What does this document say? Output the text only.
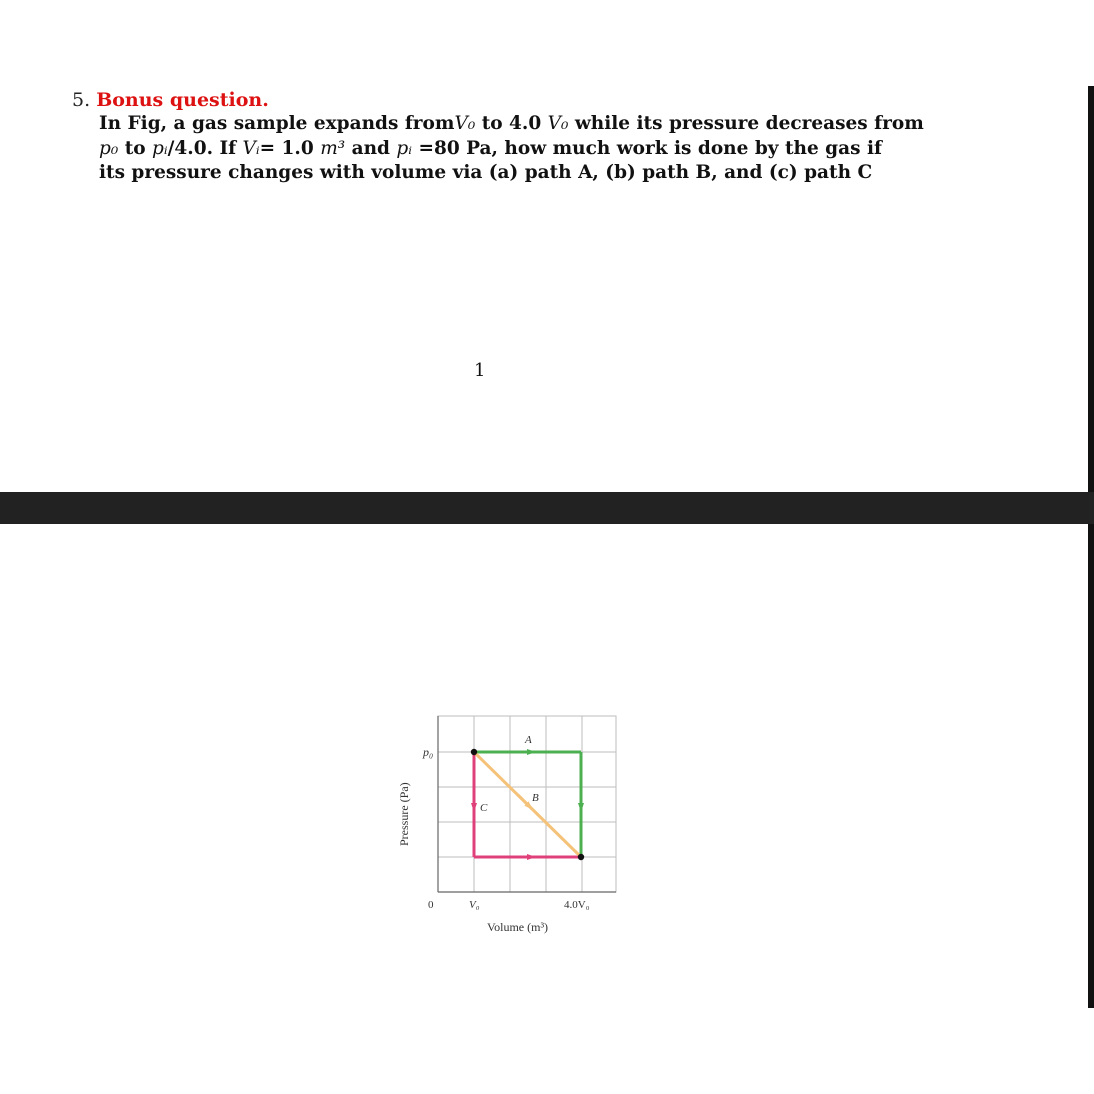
5. Bonus question.
In Fig, a gas sample expands fromV₀ to 4.0 V₀ while its pressure decreases from
p₀ to pᵢ/4.0. If Vᵢ= 1.0 m³ and pᵢ =80 Pa, how much work is done by the gas if
its pressure changes with volume via (a) path A, (b) path B, and (c) path C
1
A
B
C
p₀
0	V₀	4.0V₀
Volume (m³)
Pressure (Pa)
